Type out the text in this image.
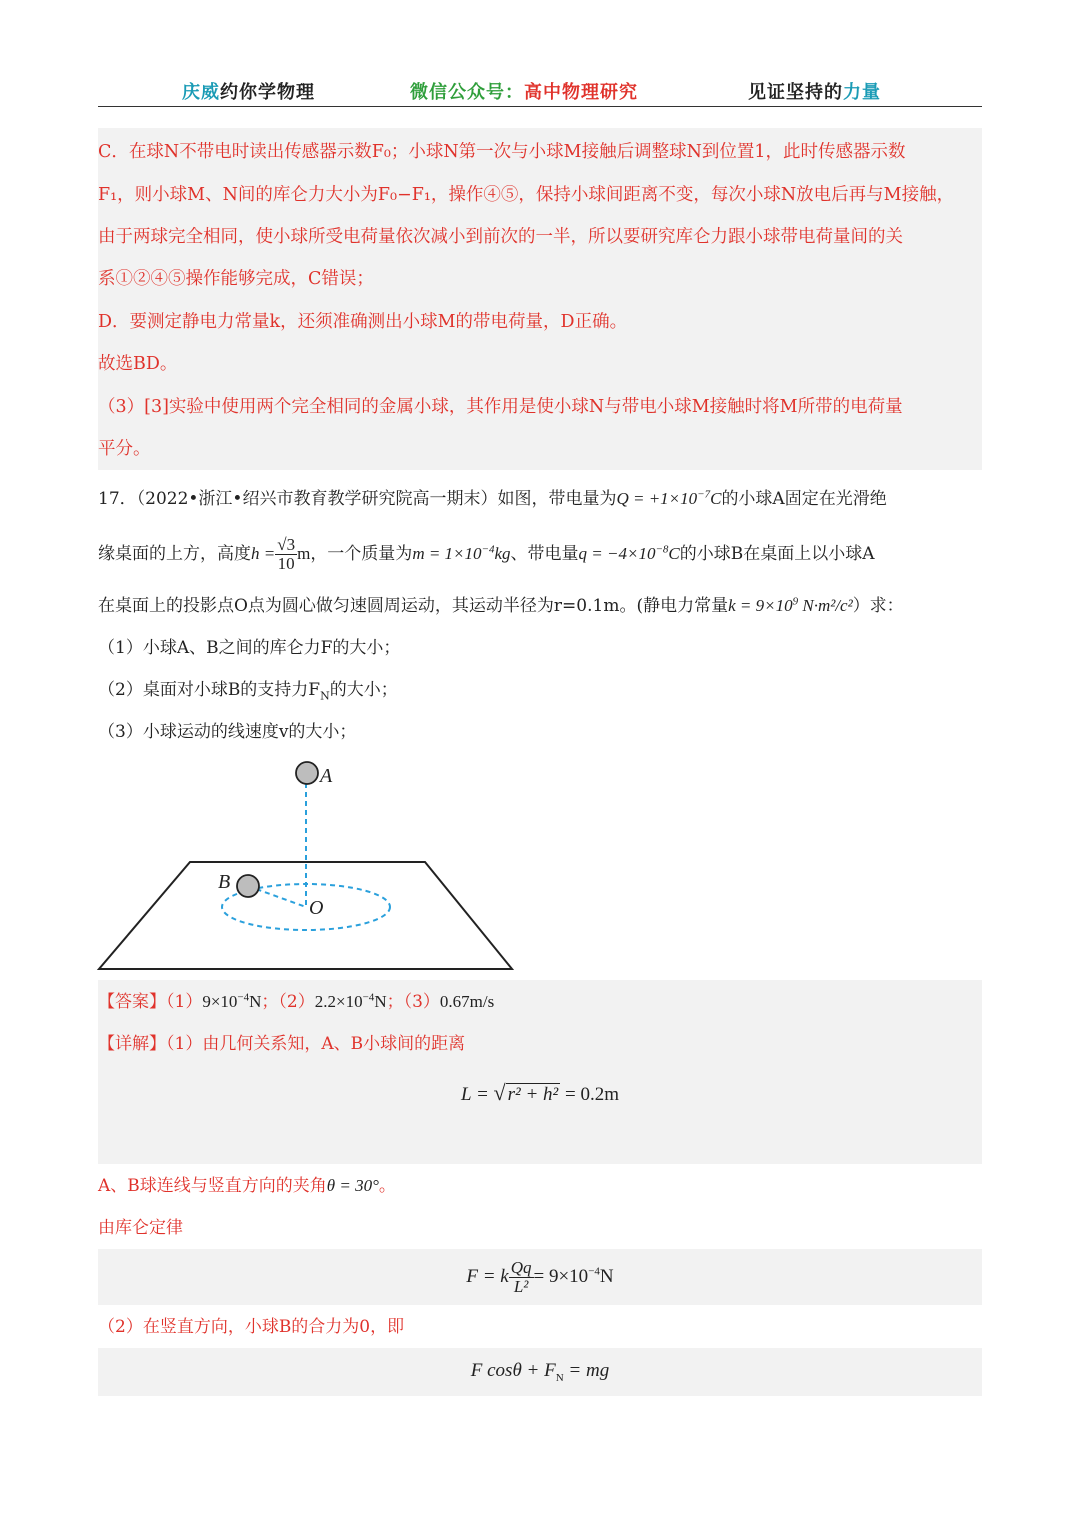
庆威约你学物理	微信公众号：高中物理研究	见证坚持的力量
C．在球N不带电时读出传感器示数F₀；小球N第一次与小球M接触后调整球N到位置1，此时传感器示数
F₁，则小球M、N间的库仑力大小为F₀−F₁，操作④⑤，保持小球间距离不变，每次小球N放电后再与M接触，
由于两球完全相同，使小球所受电荷量依次减小到前次的一半，所以要研究库仑力跟小球带电荷量间的关
系①②④⑤操作能够完成，C错误；
D．要测定静电力常量k，还须准确测出小球M的带电荷量，D正确。
故选BD。
（3）[3]实验中使用两个完全相同的金属小球，其作用是使小球N与带电小球M接触时将M所带的电荷量
平分。
17．（2022•浙江•绍兴市教育教学研究院高一期末）如图，带电量为$Q = +1\times 10^{-7}C$的小球A固定在光滑绝
缘桌面的上方，高度$h = \frac{√3}{10}$ m，一个质量为$m = 1\times 10^{-4}kg$、带电量$q = -4\times 10^{-8}C$的小球B在桌面上以小球A
在桌面上的投影点O点为圆心做匀速圆周运动，其运动半径为r=0.1m。(静电力常量$k = 9\times 10^9$ N·m²/c²）求：
（1）小球A、B之间的库仑力F的大小；
（2）桌面对小球B的支持力$F_N$的大小；
（3）小球运动的线速度v的大小；
A
B
O
【答案】$(1)9\times 10^{-4}N$；$(2)2.2\times 10^{-4}N$；（3）0.67m/s
【详解】（1）由几何关系知，A、B小球间的距离
L = √ r² + h² = 0.2m
A、B球连线与竖直方向的夹角θ = 30°。
由库仑定律
F = k $\frac{Qq}{\text{L²}} = 9\times 10^{-4}N$
（2）在竖直方向，小球B的合力为0，即
F $\cos\theta + F_N$ = mg
